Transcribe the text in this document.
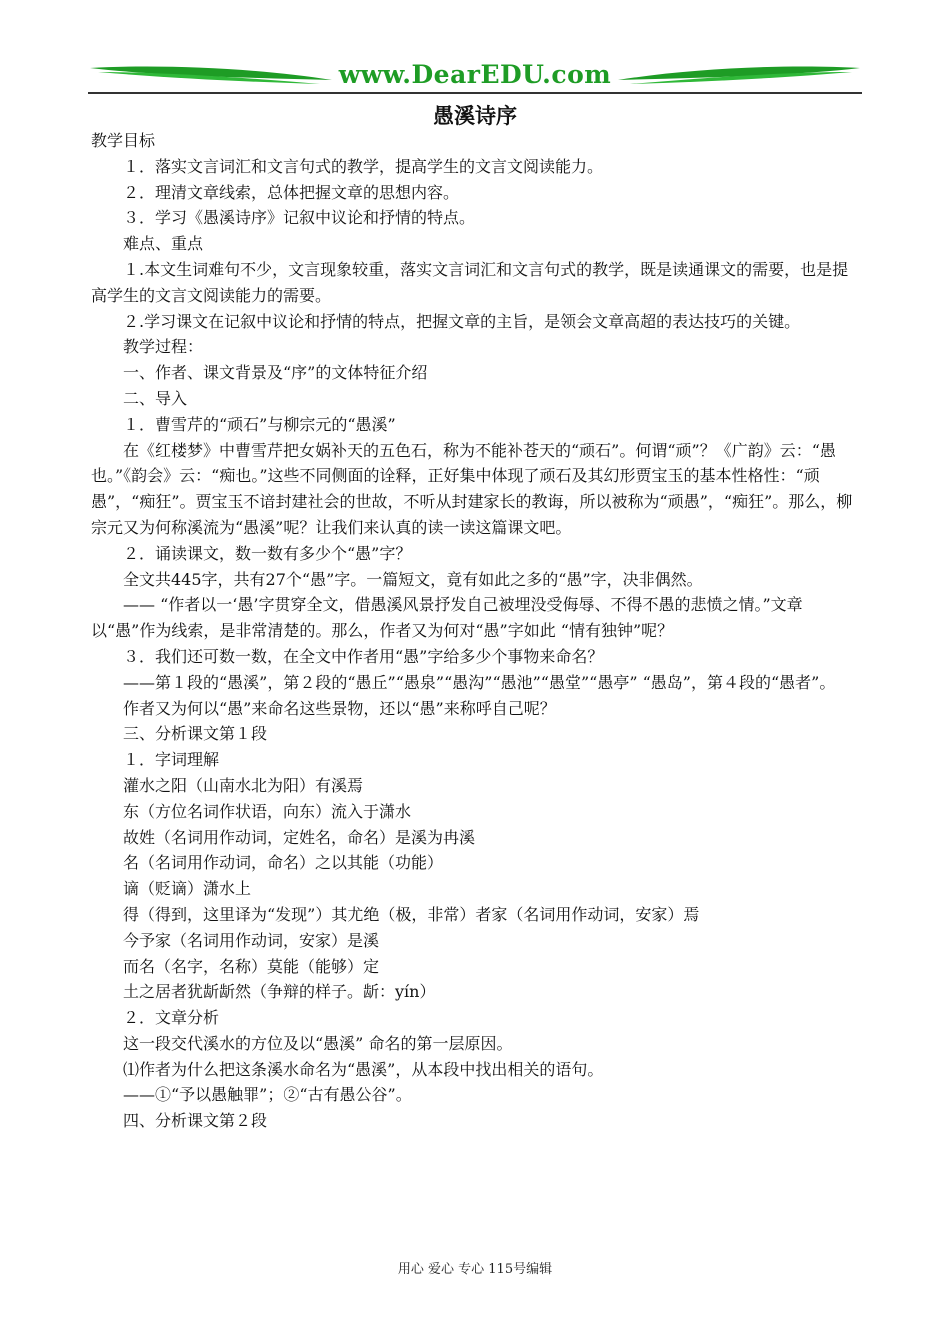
www.DearEDU.com
愚溪诗序

教学目标

１．落实文言词汇和文言句式的教学，提高学生的文言文阅读能力。

２．理清文章线索，总体把握文章的思想内容。

３．学习《愚溪诗序》记叙中议论和抒情的特点。

难点、重点

１.本文生词难句不少，文言现象较重，落实文言词汇和文言句式的教学，既是读通课文的需要，也是提高学生的文言文阅读能力的需要。

２.学习课文在记叙中议论和抒情的特点，把握文章的主旨，是领会文章高超的表达技巧的关键。

教学过程：

一、作者、课文背景及“序”的文体特征介绍

二、导入

１．曹雪芹的“顽石”与柳宗元的“愚溪”

在《红楼梦》中曹雪芹把女娲补天的五色石，称为不能补苍天的“顽石”。何谓“顽”？《广韵》云：“愚也。”《韵会》云：“痴也。”这些不同侧面的诠释，正好集中体现了顽石及其幻形贾宝玉的基本性格性：“顽愚”，“痴狂”。贾宝玉不谙封建社会的世故，不听从封建家长的教诲，所以被称为“顽愚”，“痴狂”。那么，柳宗元又为何称溪流为“愚溪”呢？让我们来认真的读一读这篇课文吧。

２．诵读课文，数一数有多少个“愚”字？

全文共445字，共有27个“愚”字。一篇短文，竟有如此之多的“愚”字，决非偶然。

—— “作者以一‘愚’字贯穿全文，借愚溪风景抒发自己被埋没受侮辱、不得不愚的悲愤之情。”文章以“愚”作为线索，是非常清楚的。那么，作者又为何对“愚”字如此 “情有独钟”呢？

３．我们还可数一数，在全文中作者用“愚”字给多少个事物来命名？

——第１段的“愚溪”，第２段的“愚丘”“愚泉”“愚沟”“愚池”“愚堂”“愚亭” “愚岛”，第４段的“愚者”。

作者又为何以“愚”来命名这些景物，还以“愚”来称呼自己呢？

三、分析课文第１段

１．字词理解

灌水之阳（山南水北为阳）有溪焉

东（方位名词作状语，向东）流入于潇水

故姓（名词用作动词，定姓名，命名）是溪为冉溪

名（名词用作动词，命名）之以其能（功能）

谪（贬谪）潇水上

得（得到，这里译为“发现”）其尤绝（极，非常）者家（名词用作动词，安家）焉

今予家（名词用作动词，安家）是溪

而名（名字，名称）莫能（能够）定

土之居者犹龂龂然（争辩的样子。龂：yín）

２．文章分析

这一段交代溪水的方位及以“愚溪” 命名的第一层原因。

⑴作者为什么把这条溪水命名为“愚溪”，从本段中找出相关的语句。

——①“予以愚触罪”；②“古有愚公谷”。

四、分析课文第２段

用心 爱心 专心 115号编辑
